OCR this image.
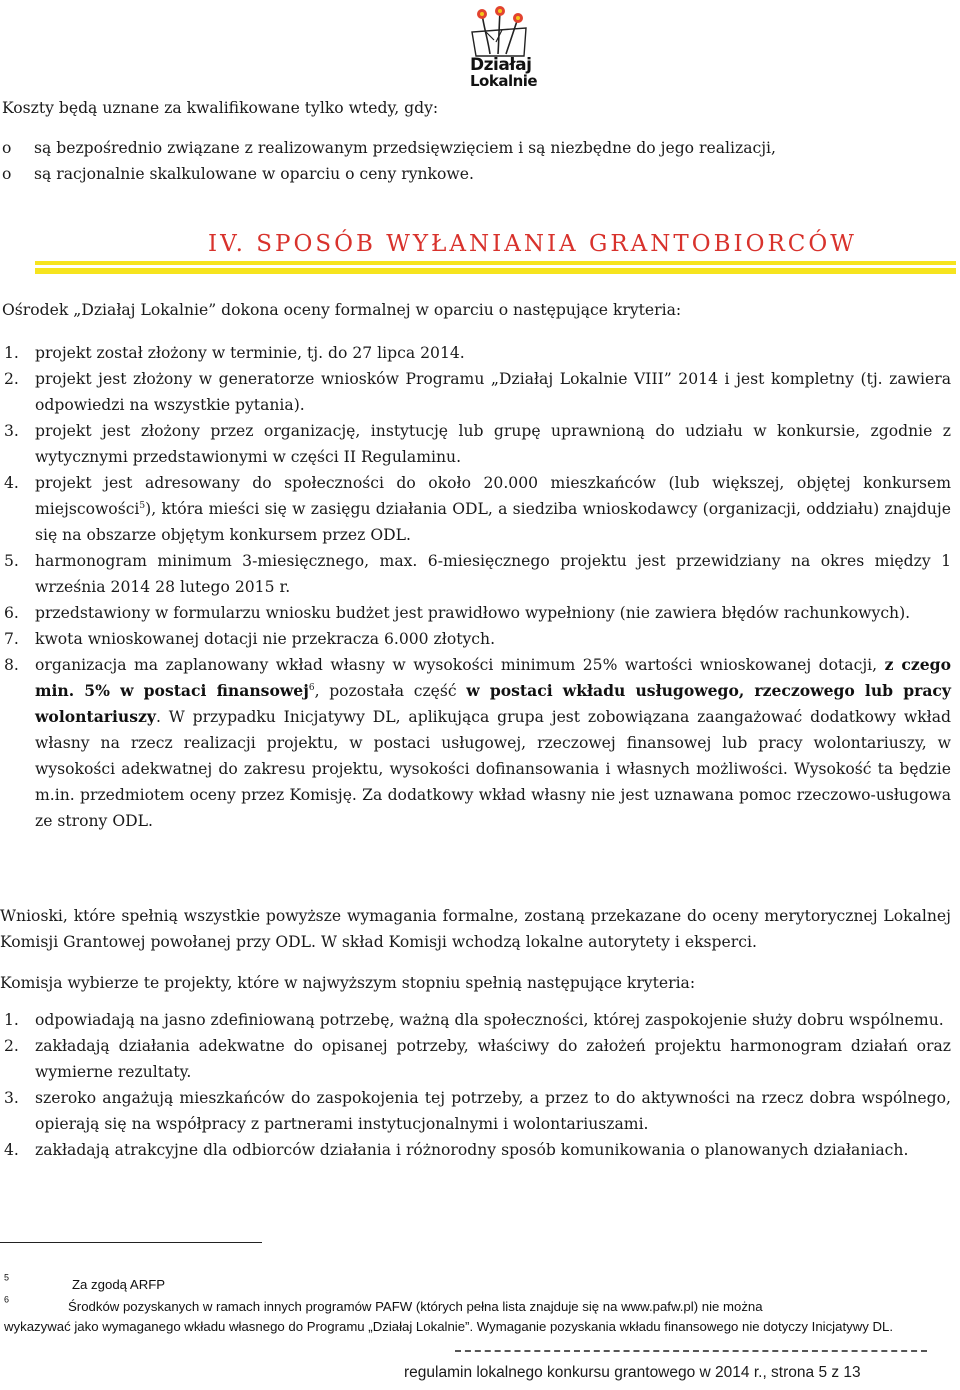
Działaj
Lokalnie
Koszty będą uznane za kwalifikowane tylko wtedy, gdy:
o	są bezpośrednio związane z realizowanym przedsięwzięciem i są niezbędne do jego realizacji,
o	są racjonalnie skalkulowane w oparciu o ceny rynkowe.
IV. SPOSÓB WYŁANIANIA GRANTOBIORCÓW
Ośrodek „Działaj Lokalnie” dokona oceny formalnej w oparciu o następujące kryteria:
1.	projekt został złożony w terminie, tj. do 27 lipca 2014.
2.	projekt jest złożony w generatorze wniosków Programu „Działaj Lokalnie VIII” 2014 i jest kompletny (tj. zawiera odpowiedzi na wszystkie pytania).
3.	projekt jest złożony przez organizację, instytucję lub grupę uprawnioną do udziału w konkursie, zgodnie z wytycznymi przedstawionymi w części II Regulaminu.
4.	projekt jest adresowany do społeczności do około 20.000 mieszkańców (lub większej, objętej konkursem miejscowości$^5$), która mieści się w zasięgu działania ODL, a siedziba wnioskodawcy (organizacji, oddziału) znajduje się na obszarze objętym konkursem przez ODL.
5.	harmonogram minimum 3-miesięcznego, max. 6-miesięcznego projektu jest przewidziany na okres między 1 września 2014 28 lutego 2015 r.
6.	przedstawiony w formularzu wniosku budżet jest prawidłowo wypełniony (nie zawiera błędów rachunkowych).
7.	kwota wnioskowanej dotacji nie przekracza 6.000 złotych.
8.	organizacja ma zaplanowany wkład własny w wysokości minimum 25% wartości wnioskowanej dotacji, z czego min. 5% w postaci finansowej$^6$, pozostała część w postaci wkładu usługowego, rzeczowego lub pracy wolontariuszy. W przypadku Inicjatywy DL, aplikująca grupa jest zobowiązana zaangażować dodatkowy wkład własny na rzecz realizacji projektu, w postaci usługowej, rzeczowej finansowej lub pracy wolontariuszy, w wysokości adekwatnej do zakresu projektu, wysokości dofinansowania i własnych możliwości. Wysokość ta będzie m.in. przedmiotem oceny przez Komisję. Za dodatkowy wkład własny nie jest uznawana pomoc rzeczowo-usługowa ze strony ODL.
Wnioski, które spełnią wszystkie powyższe wymagania formalne, zostaną przekazane do oceny merytorycznej Lokalnej Komisji Grantowej powołanej przy ODL. W skład Komisji wchodzą lokalne autorytety i eksperci.
Komisja wybierze te projekty, które w najwyższym stopniu spełnią następujące kryteria:
1.	odpowiadają na jasno zdefiniowaną potrzebę, ważną dla społeczności, której zaspokojenie służy dobru wspólnemu.
2.	zakładają działania adekwatne do opisanej potrzeby, właściwy do założeń projektu harmonogram działań oraz wymierne rezultaty.
3.	szeroko angażują mieszkańców do zaspokojenia tej potrzeby, a przez to do aktywności na rzecz dobra wspólnego, opierają się na współpracy z partnerami instytucjonalnymi i wolontariuszami.
4.	zakładają atrakcyjne dla odbiorców działania i różnorodny sposób komunikowania o planowanych działaniach.
$^5$	Za zgodą ARFP
$^6$	Środków pozyskanych w ramach innych programów PAFW (których pełna lista znajduje się na www.pafw.pl) nie można
wykazywać jako wymaganego wkładu własnego do Programu „Działaj Lokalnie”. Wymaganie pozyskania wkładu finansowego nie dotyczy Inicjatywy DL.
regulamin lokalnego konkursu grantowego w 2014 r., strona 5 z 13
